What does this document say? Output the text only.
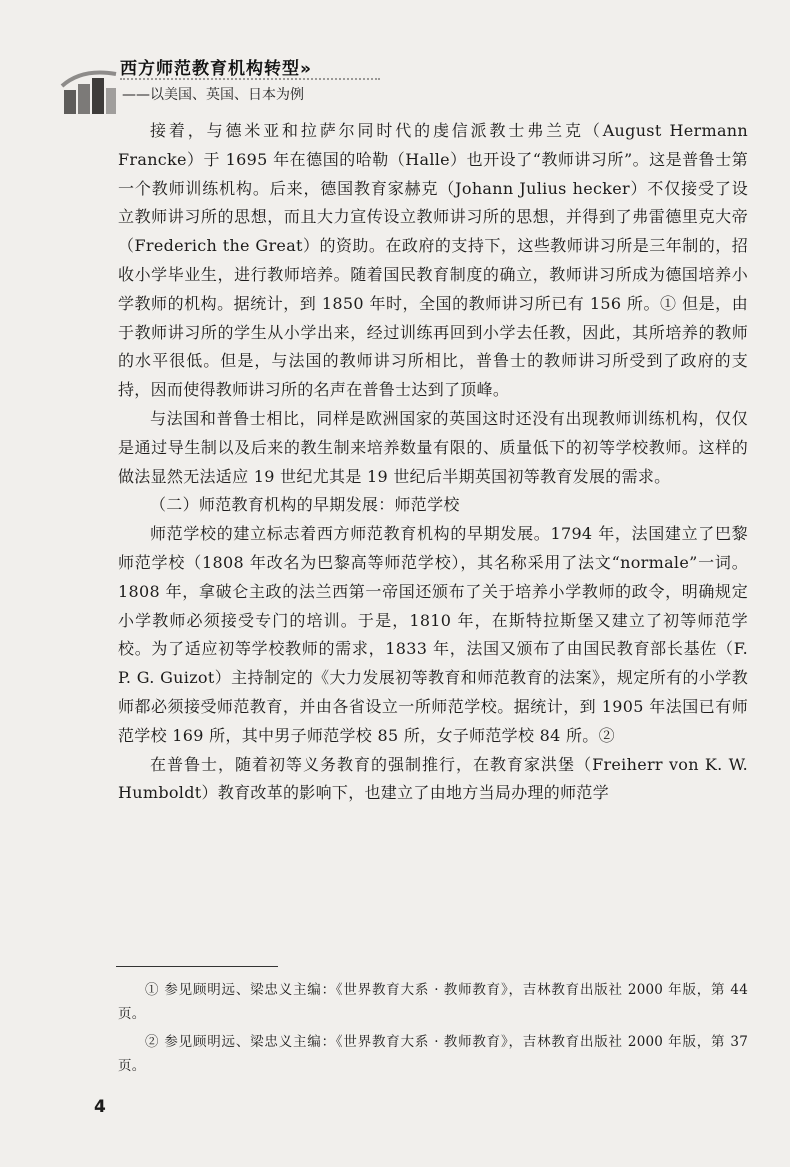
西方师范教育机构转型»
——以美国、英国、日本为例

接着，与德米亚和拉萨尔同时代的虔信派教士弗兰克（August Hermann Francke）于 1695 年在德国的哈勒（Halle）也开设了“教师讲习所”。这是普鲁士第一个教师训练机构。后来，德国教育家赫克（Johann Julius hecker）不仅接受了设立教师讲习所的思想，而且大力宣传设立教师讲习所的思想，并得到了弗雷德里克大帝（Frederich the Great）的资助。在政府的支持下，这些教师讲习所是三年制的，招收小学毕业生，进行教师培养。随着国民教育制度的确立，教师讲习所成为德国培养小学教师的机构。据统计，到 1850 年时，全国的教师讲习所已有 156 所。① 但是，由于教师讲习所的学生从小学出来，经过训练再回到小学去任教，因此，其所培养的教师的水平很低。但是，与法国的教师讲习所相比，普鲁士的教师讲习所受到了政府的支持，因而使得教师讲习所的名声在普鲁士达到了顶峰。

与法国和普鲁士相比，同样是欧洲国家的英国这时还没有出现教师训练机构，仅仅是通过导生制以及后来的教生制来培养数量有限的、质量低下的初等学校教师。这样的做法显然无法适应 19 世纪尤其是 19 世纪后半期英国初等教育发展的需求。

（二）师范教育机构的早期发展：师范学校

师范学校的建立标志着西方师范教育机构的早期发展。1794 年，法国建立了巴黎师范学校（1808 年改名为巴黎高等师范学校），其名称采用了法文“normale”一词。1808 年，拿破仑主政的法兰西第一帝国还颁布了关于培养小学教师的政令，明确规定小学教师必须接受专门的培训。于是，1810 年，在斯特拉斯堡又建立了初等师范学校。为了适应初等学校教师的需求，1833 年，法国又颁布了由国民教育部长基佐（F. P. G. Guizot）主持制定的《大力发展初等教育和师范教育的法案》，规定所有的小学教师都必须接受师范教育，并由各省设立一所师范学校。据统计，到 1905 年法国已有师范学校 169 所，其中男子师范学校 85 所，女子师范学校 84 所。②

在普鲁士，随着初等义务教育的强制推行，在教育家洪堡（Freiherr von K. W. Humboldt）教育改革的影响下，也建立了由地方当局办理的师范学

① 参见顾明远、梁忠义主编：《世界教育大系 · 教师教育》，吉林教育出版社 2000 年版，第 44 页。

② 参见顾明远、梁忠义主编：《世界教育大系 · 教师教育》，吉林教育出版社 2000 年版，第 37 页。

4
